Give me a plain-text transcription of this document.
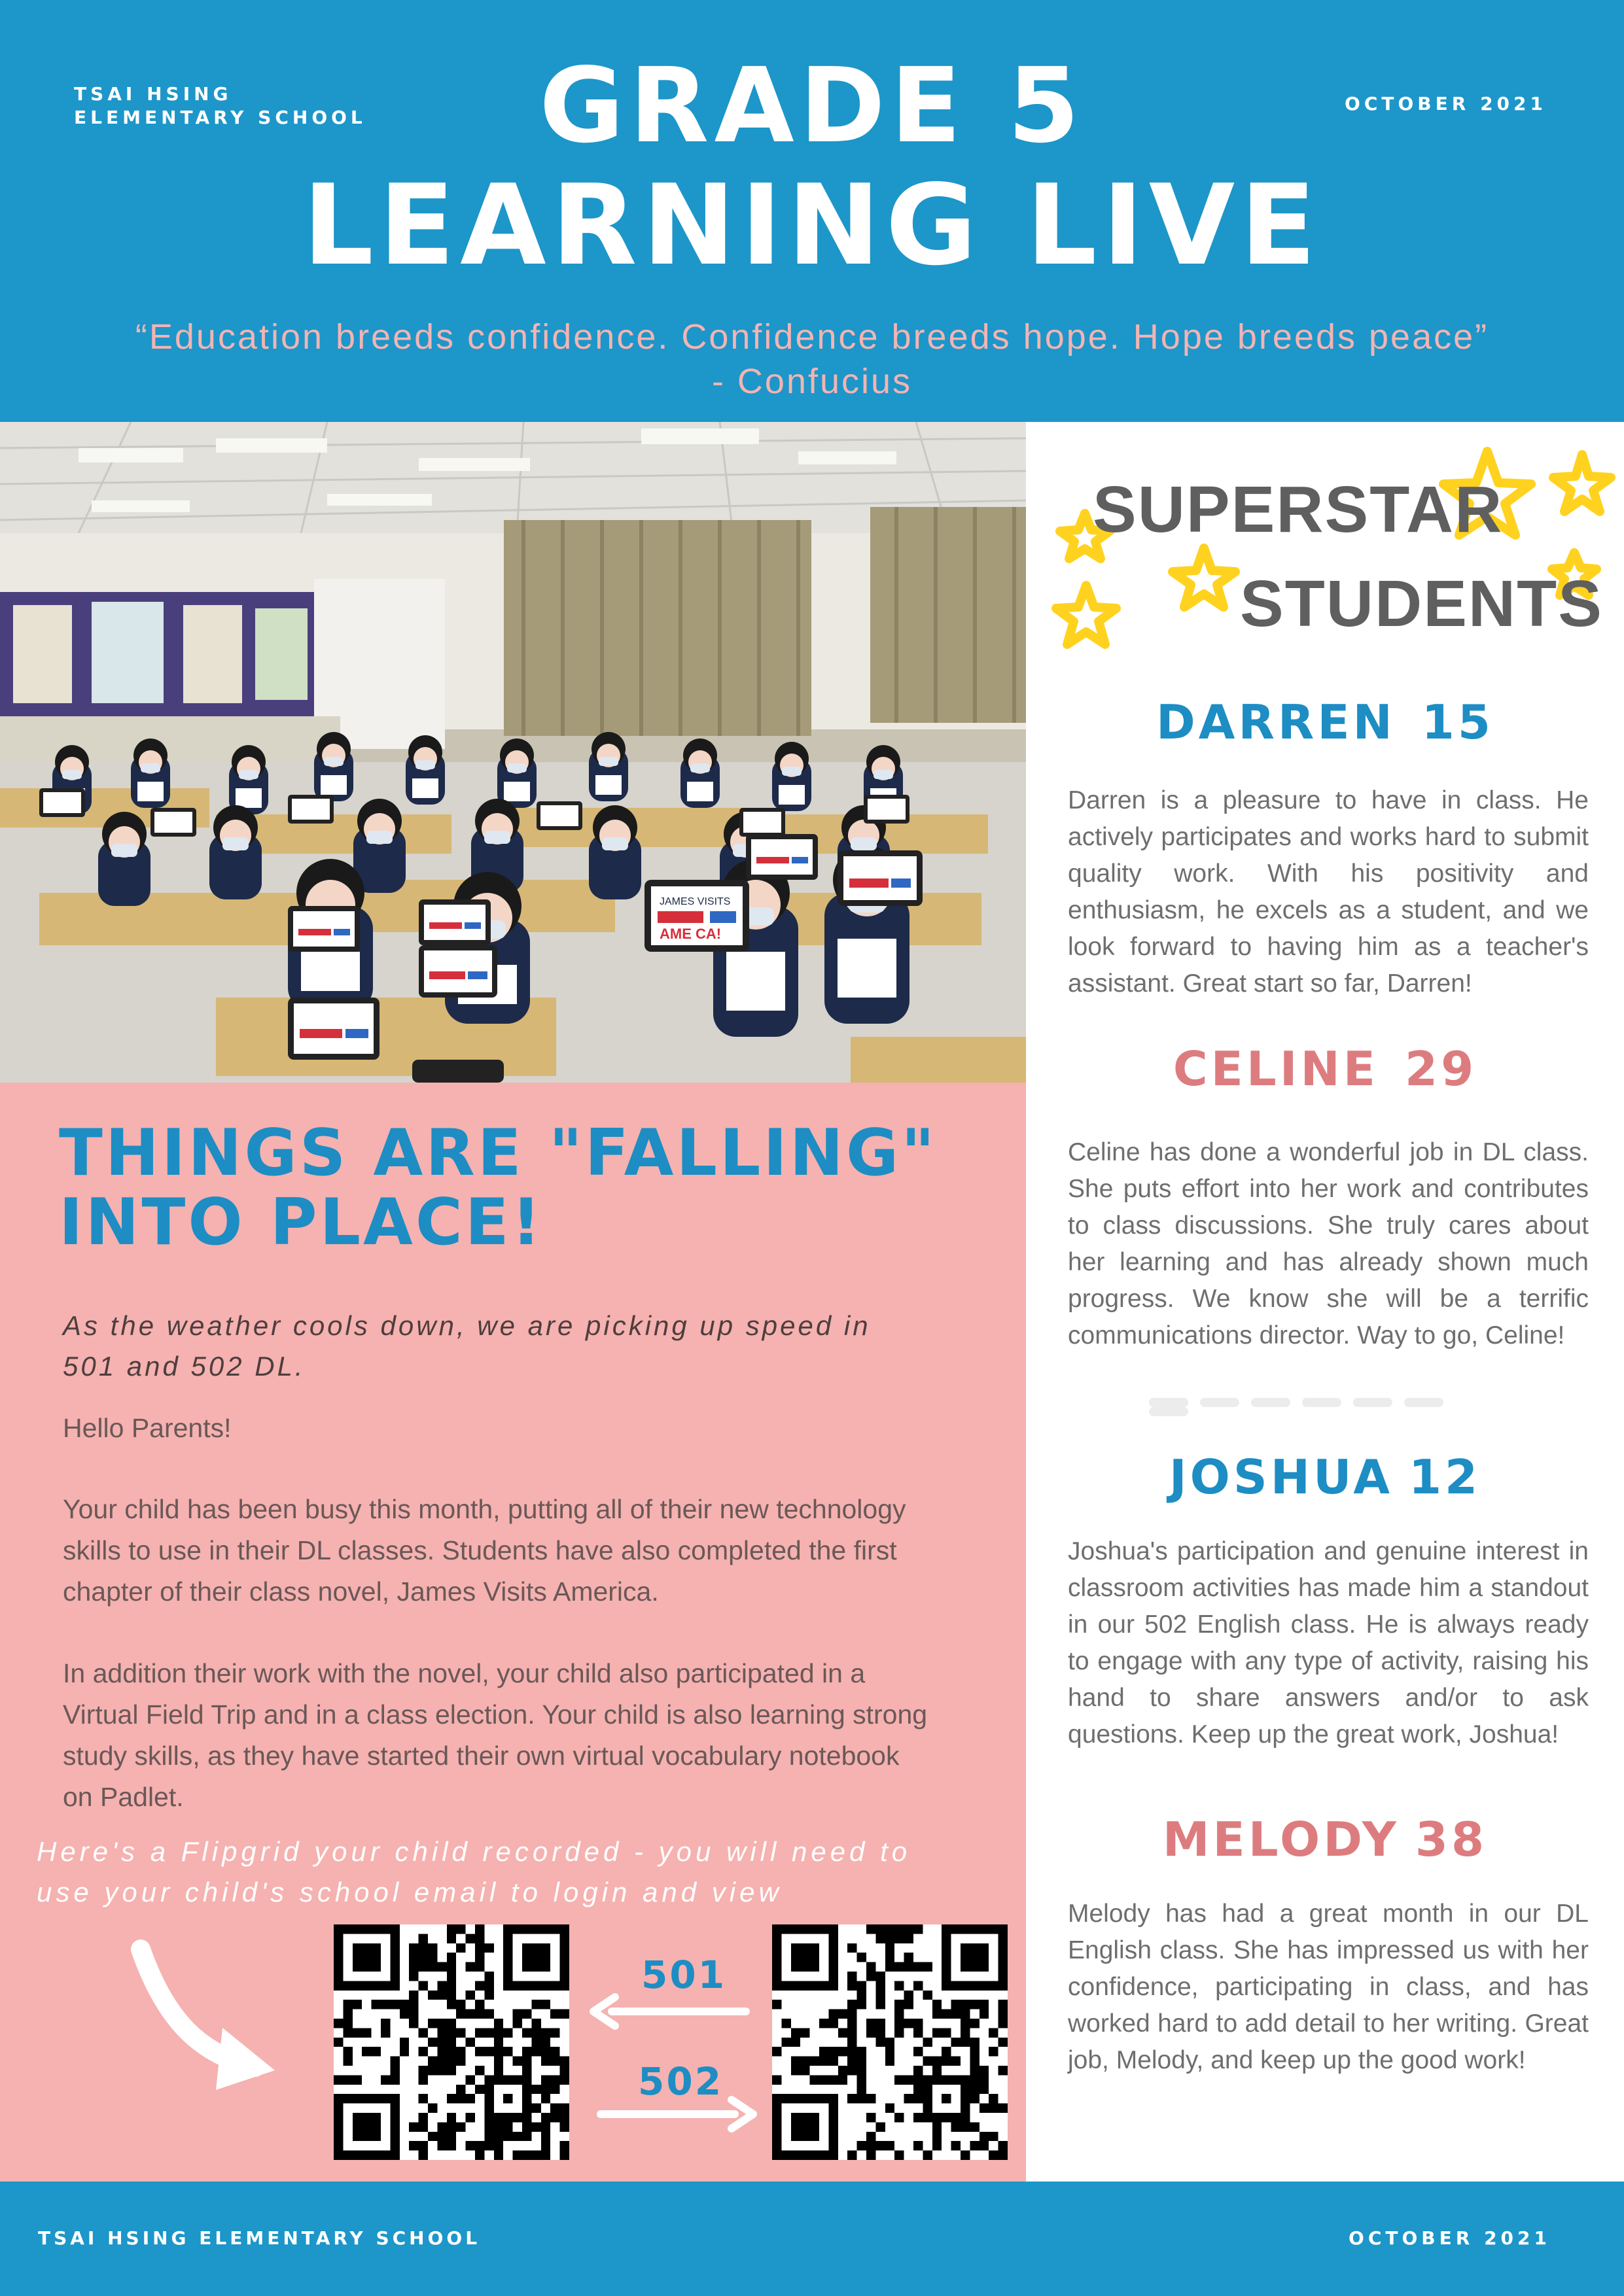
TSAI HSING
ELEMENTARY SCHOOL
OCTOBER 2021
GRADE 5
LEARNING LIVE
“Education breeds confidence. Confidence breeds hope. Hope breeds peace”
- Confucius
JAMES VISITS
AME CA!
THINGS ARE "FALLING"
INTO PLACE!
As the weather cools down, we are picking up speed in
501 and 502 DL.
Hello Parents!
Your child has been busy this month, putting all of their new technology
skills to use in their DL classes. Students have also completed the first
chapter of their class novel, James Visits America.
In addition their work with the novel, your child also participated in a
Virtual Field Trip and in a class election. Your child is also learning strong
study skills, as they have started their own virtual vocabulary notebook
on Padlet.
Here's a Flipgrid your child recorded - you will need to
use your child's school email to login and view
501
502
SUPERSTAR
STUDENTS
DARREN 15
Darren is a pleasure to have in class. He actively participates and works hard to submit quality work. With his positivity and enthusiasm, he excels as a student, and we look forward to having him as a teacher's assistant. Great start so far, Darren!
CELINE 29
Celine has done a wonderful job in DL class. She puts effort into her work and contributes to class discussions. She truly cares about her learning and has already shown much progress. We know she will be a terrific communications director. Way to go, Celine!
JOSHUA 12
Joshua's participation and genuine interest in classroom activities has made him a standout in our 502 English class. He is always ready to engage with any type of activity, raising his hand to share answers and/or to ask questions. Keep up the great work, Joshua!
MELODY 38
Melody has had a great month in our DL English class. She has impressed us with her confidence, participating in class, and has worked hard to add detail to her writing. Great job, Melody, and keep up the good work!
TSAI HSING ELEMENTARY SCHOOL	OCTOBER 2021
